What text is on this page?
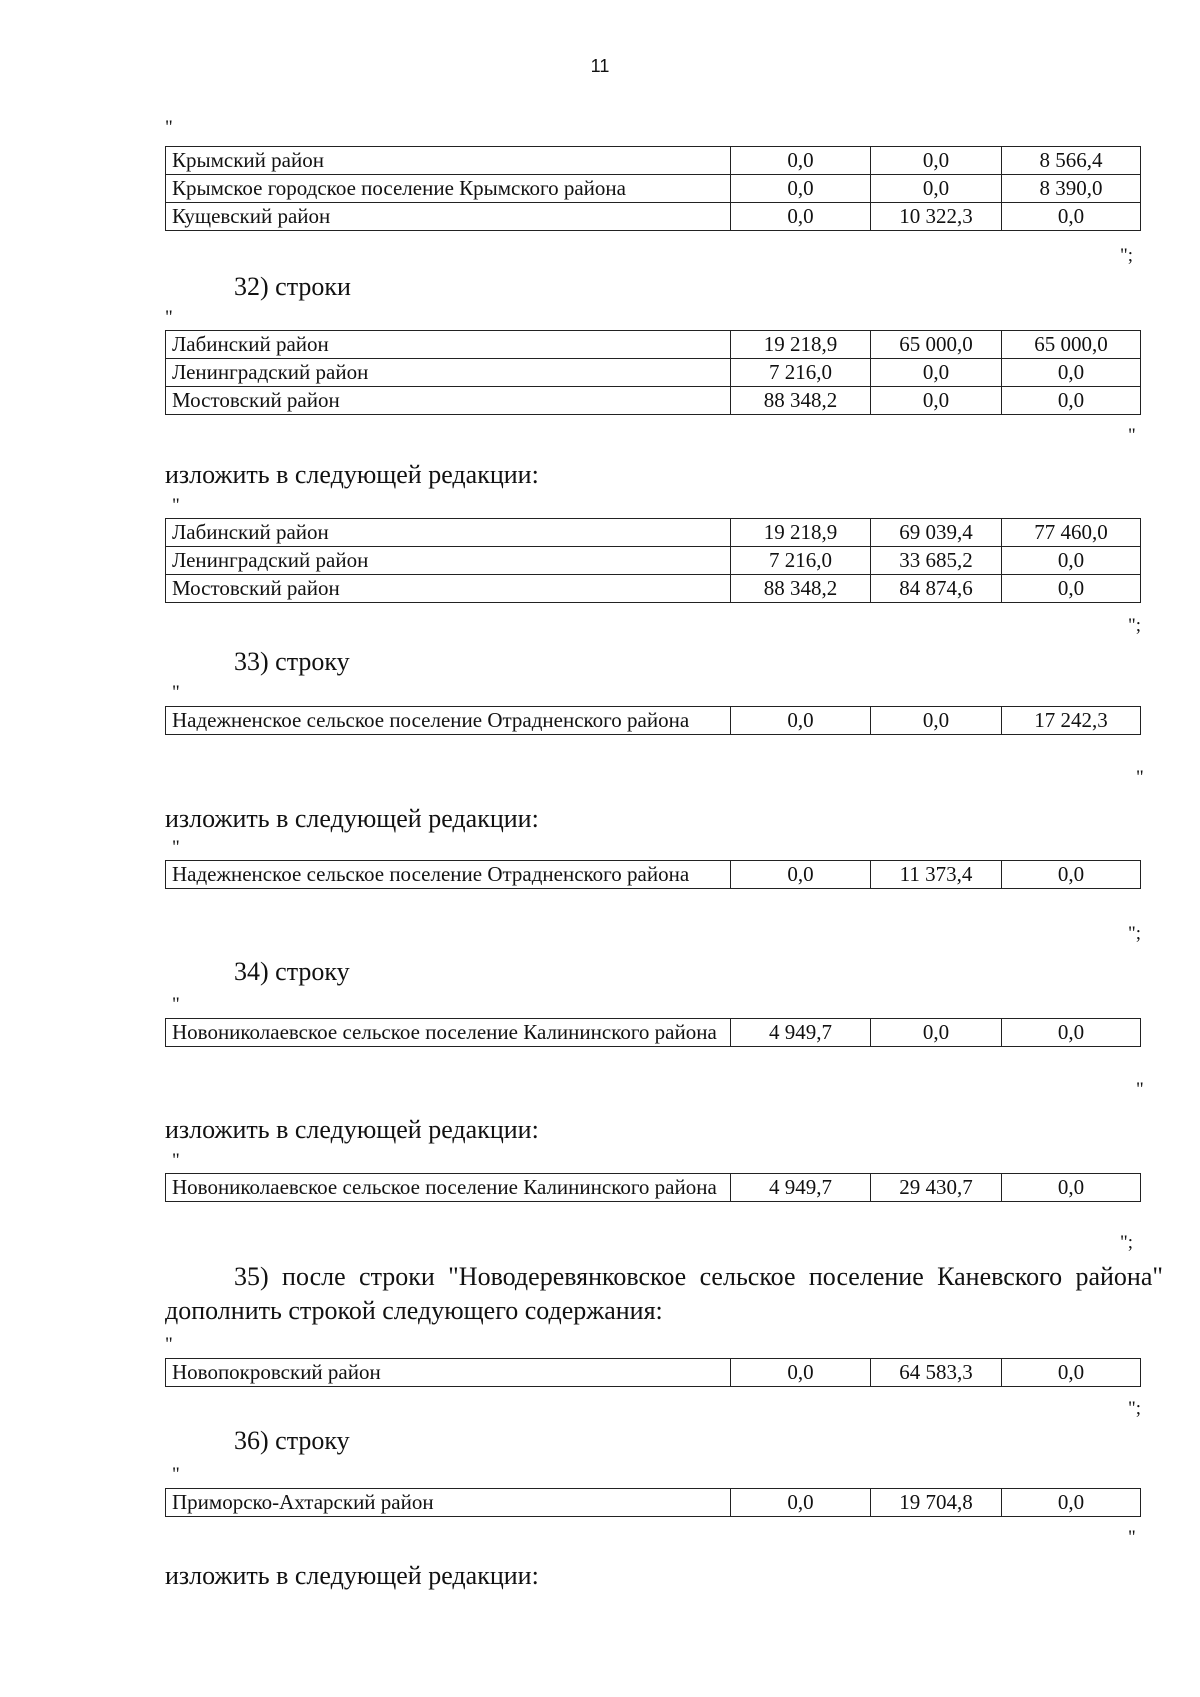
11
"
Крымский район	0,0	0,0	8 566,4
Крымское городское поселение Крымского района	0,0	0,0	8 390,0
Кущевский район	0,0	10 322,3	0,0
";
32) строки
"
Лабинский район	19 218,9	65 000,0	65 000,0
Ленинградский район	7 216,0	0,0	0,0
Мостовский район	88 348,2	0,0	0,0
"
изложить в следующей редакции:
"
Лабинский район	19 218,9	69 039,4	77 460,0
Ленинградский район	7 216,0	33 685,2	0,0
Мостовский район	88 348,2	84 874,6	0,0
";
33) строку
"
Надежненское сельское поселение Отрадненского района	0,0	0,0	17 242,3
"
изложить в следующей редакции:
"
Надежненское сельское поселение Отрадненского района	0,0	11 373,4	0,0
";
34) строку
"
Новониколаевское сельское поселение Калининского района	4 949,7	0,0	0,0
"
изложить в следующей редакции:
"
Новониколаевское сельское поселение Калининского района	4 949,7	29 430,7	0,0
";
35) после строки "Новодеревянковское сельское поселение Каневского района" дополнить строкой следующего содержания:
"
Новопокровский район	0,0	64 583,3	0,0
";
36) строку
"
Приморско-Ахтарский район	0,0	19 704,8	0,0
"
изложить в следующей редакции:
